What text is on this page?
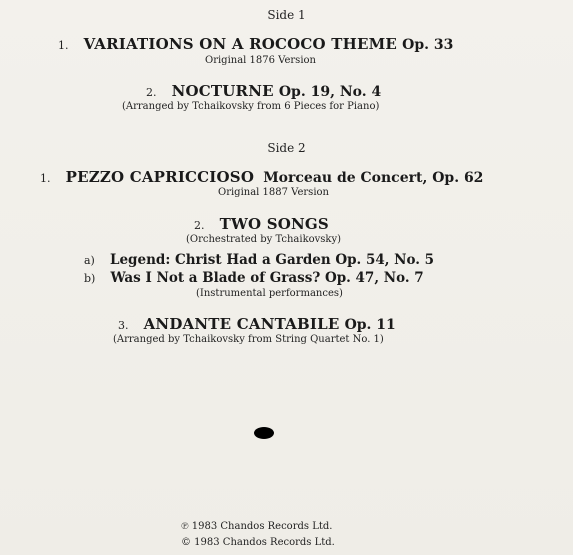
Side 1
1. VARIATIONS ON A ROCOCO THEME Op. 33
Original 1876 Version
2. NOCTURNE Op. 19, No. 4
(Arranged by Tchaikovsky from 6 Pieces for Piano)
Side 2
1. PEZZO CAPRICCIOSO Morceau de Concert, Op. 62
Original 1887 Version
2. TWO SONGS
(Orchestrated by Tchaikovsky)
a) Legend: Christ Had a Garden Op. 54, No. 5
b) Was I Not a Blade of Grass? Op. 47, No. 7
(Instrumental performances)
3. ANDANTE CANTABILE Op. 11
(Arranged by Tchaikovsky from String Quartet No. 1)
℗ 1983 Chandos Records Ltd.
© 1983 Chandos Records Ltd.
